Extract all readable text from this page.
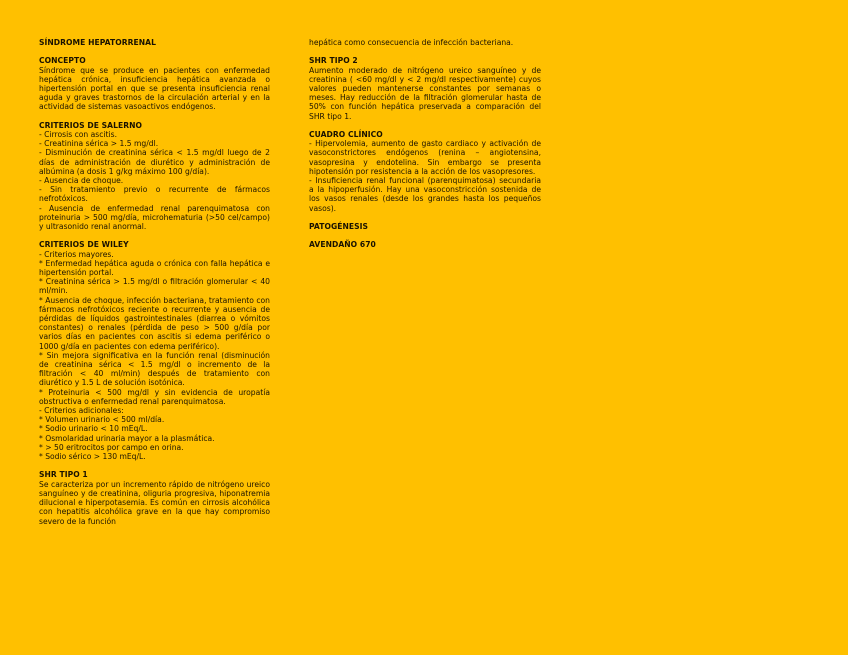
SÍNDROME HEPATORRENAL

CONCEPTO

Síndrome que se produce en pacientes con enfermedad hepática crónica, insuficiencia hepática avanzada o hipertensión portal en que se presenta insuficiencia renal aguda y graves trastornos de la circulación arterial y en la actividad de sistemas vasoactivos endógenos.

CRITERIOS DE SALERNO

- Cirrosis con ascitis.
- Creatinina sérica > 1.5 mg/dl.
- Disminución de creatinina sérica < 1.5 mg/dl luego de 2 días de administración de diurético y administración de albúmina (a dosis 1 g/kg máximo 100 g/día).
- Ausencia de choque.
- Sin tratamiento previo o recurrente de fármacos nefrotóxicos.
- Ausencia de enfermedad renal parenquimatosa con proteinuria > 500 mg/día, microhematuria (>50 cel/campo) y ultrasonido renal anormal.

CRITERIOS DE WILEY

- Criterios mayores.
* Enfermedad hepática aguda o crónica con falla hepática e hipertensión portal.
* Creatinina sérica > 1.5 mg/dl o filtración glomerular < 40 ml/min.
* Ausencia de choque, infección bacteriana, tratamiento con fármacos nefrotóxicos reciente o recurrente y ausencia de pérdidas de líquidos gastrointestinales (diarrea o vómitos constantes) o renales (pérdida de peso > 500 g/día por varios días en pacientes con ascitis si edema periférico o 1000 g/día en pacientes con edema periférico).
* Sin mejora significativa en la función renal (disminución de creatinina sérica < 1.5 mg/dl o incremento de la filtración < 40 ml/min) después de tratamiento con diurético y 1.5 L de solución isotónica.
* Proteinuria < 500 mg/dl y sin evidencia de uropatía obstructiva o enfermedad renal parenquimatosa.
- Criterios adicionales:
* Volumen urinario < 500 ml/día.
* Sodio urinario < 10 mEq/L.
* Osmolaridad urinaria mayor a la plasmática.
* > 50 eritrocitos por campo en orina.
* Sodio sérico > 130 mEq/L.

SHR TIPO 1

Se caracteriza por un incremento rápido de nitrógeno ureico sanguíneo y de creatinina, oliguria progresiva, hiponatremia dilucional e hiperpotasemia. Es común en cirrosis alcohólica con hepatitis alcohólica grave en la que hay compromiso severo de la función

hepática como consecuencia de infección bacteriana.

SHR TIPO 2

Aumento moderado de nitrógeno ureico sanguíneo y de creatinina ( <60 mg/dl y < 2 mg/dl respectivamente) cuyos valores pueden mantenerse constantes por semanas o meses. Hay reducción de la filtración glomerular hasta de 50% con función hepática preservada a comparación del SHR tipo 1.

CUADRO CLÍNICO

- Hipervolemia, aumento de gasto cardiaco y activación de vasoconstrictores endógenos (renina – angiotensina, vasopresina y endotelina. Sin embargo se presenta hipotensión por resistencia a la acción de los vasopresores.
- Insuficiencia renal funcional (parenquimatosa) secundaria a la hipoperfusión. Hay una vasoconstricción sostenida de los vasos renales (desde los grandes hasta los pequeños vasos).

PATOGÉNESIS

AVENDAÑO 670
